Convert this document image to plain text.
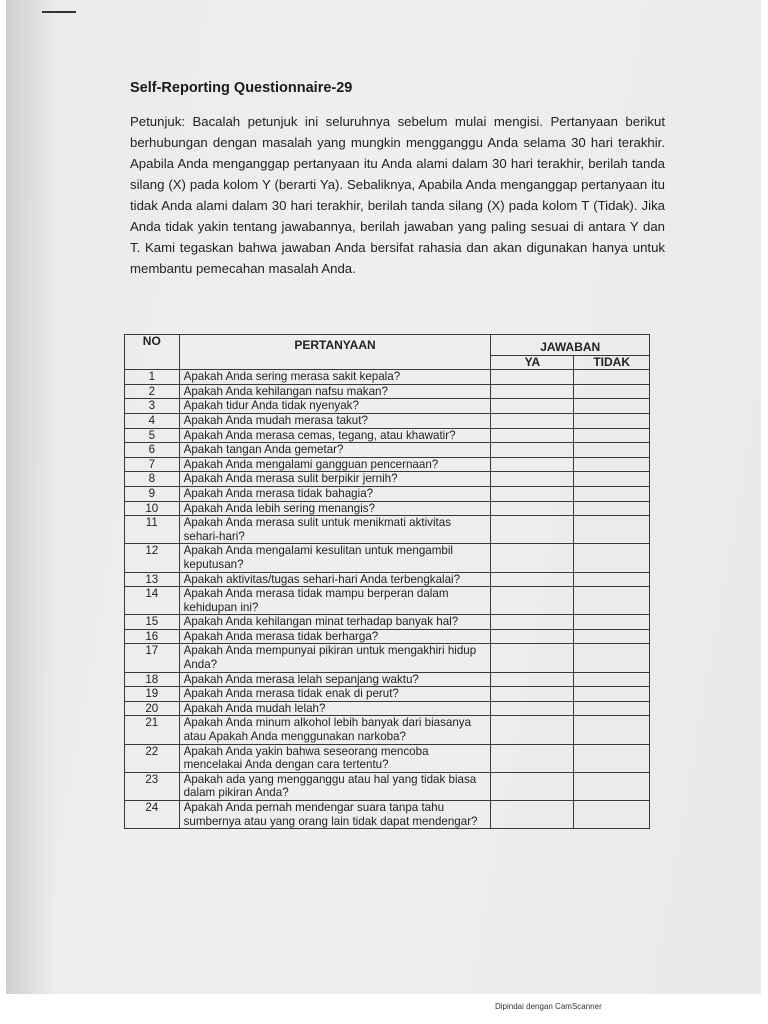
Self-Reporting Questionnaire-29
Petunjuk: Bacalah petunjuk ini seluruhnya sebelum mulai mengisi. Pertanyaan berikut berhubungan dengan masalah yang mungkin mengganggu Anda selama 30 hari terakhir. Apabila Anda menganggap pertanyaan itu Anda alami dalam 30 hari terakhir, berilah tanda silang (X) pada kolom Y (berarti Ya). Sebaliknya, Apabila Anda menganggap pertanyaan itu tidak Anda alami dalam 30 hari terakhir, berilah tanda silang (X) pada kolom T (Tidak). Jika Anda tidak yakin tentang jawabannya, berilah jawaban yang paling sesuai di antara Y dan T. Kami tegaskan bahwa jawaban Anda bersifat rahasia dan akan digunakan hanya untuk membantu pemecahan masalah Anda.
NO	PERTANYAAN	JAWABAN	
		YA	TIDAK
1	Apakah Anda sering merasa sakit kepala?		
2	Apakah Anda kehilangan nafsu makan?		
3	Apakah tidur Anda tidak nyenyak?		
4	Apakah Anda mudah merasa takut?		
5	Apakah Anda merasa cemas, tegang, atau khawatir?		
6	Apakah tangan Anda gemetar?		
7	Apakah Anda mengalami gangguan pencernaan?		
8	Apakah Anda merasa sulit berpikir jernih?		
9	Apakah Anda merasa tidak bahagia?		
10	Apakah Anda lebih sering menangis?		
11	Apakah Anda merasa sulit untuk menikmati aktivitas sehari-hari?		
12	Apakah Anda mengalami kesulitan untuk mengambil keputusan?		
13	Apakah aktivitas/tugas sehari-hari Anda terbengkalai?		
14	Apakah Anda merasa tidak mampu berperan dalam kehidupan ini?		
15	Apakah Anda kehilangan minat terhadap banyak hal?		
16	Apakah Anda merasa tidak berharga?		
17	Apakah Anda mempunyai pikiran untuk mengakhiri hidup Anda?		
18	Apakah Anda merasa lelah sepanjang waktu?		
19	Apakah Anda merasa tidak enak di perut?		
20	Apakah Anda mudah lelah?		
21	Apakah Anda minum alkohol lebih banyak dari biasanya atau Apakah Anda menggunakan narkoba?		
22	Apakah Anda yakin bahwa seseorang mencoba mencelakai Anda dengan cara tertentu?		
23	Apakah ada yang mengganggu atau hal yang tidak biasa dalam pikiran Anda?		
24	Apakah Anda pernah mendengar suara tanpa tahu sumbernya atau yang orang lain tidak dapat mendengar?		
Dipindai dengan CamScanner
